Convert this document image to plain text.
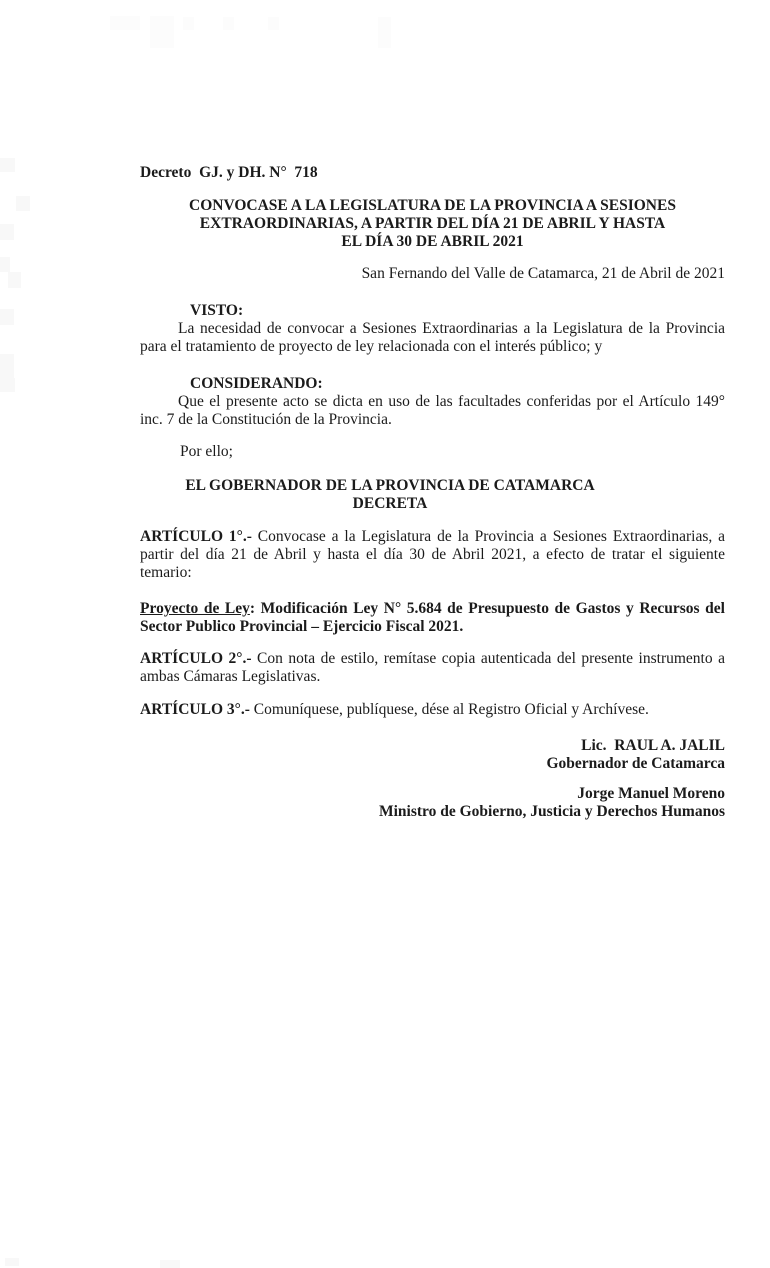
Decreto  GJ. y DH. N°  718

CONVOCASE A LA LEGISLATURA DE LA PROVINCIA A SESIONES

EXTRAORDINARIAS, A PARTIR DEL DÍA 21 DE ABRIL Y HASTA

EL DÍA 30 DE ABRIL 2021

San Fernando del Valle de Catamarca, 21 de Abril de 2021

VISTO:

La necesidad de convocar a Sesiones Extraordinarias a la Legislatura de la Provincia para el tratamiento de proyecto de ley relacionada con el interés público; y

CONSIDERANDO:

Que el presente acto se dicta en uso de las facultades conferidas por el Artículo 149° inc. 7 de la Constitución de la Provincia.

Por ello;

EL GOBERNADOR DE LA PROVINCIA DE CATAMARCA

DECRETA

ARTÍCULO 1°.- Convocase a la Legislatura de la Provincia a Sesiones Extraordinarias, a partir del día 21 de Abril y hasta el día 30 de Abril 2021, a efecto de tratar el siguiente temario:

Proyecto de Ley: Modificación Ley N° 5.684 de Presupuesto de Gastos y Recursos del Sector Publico Provincial – Ejercicio Fiscal 2021.

ARTÍCULO 2°.- Con nota de estilo, remítase copia autenticada del presente instrumento a ambas Cámaras Legislativas.

ARTÍCULO 3°.- Comuníquese, publíquese, dése al Registro Oficial y Archívese.

Lic.  RAUL A. JALIL

Gobernador de Catamarca

Jorge Manuel Moreno

Ministro de Gobierno, Justicia y Derechos Humanos
